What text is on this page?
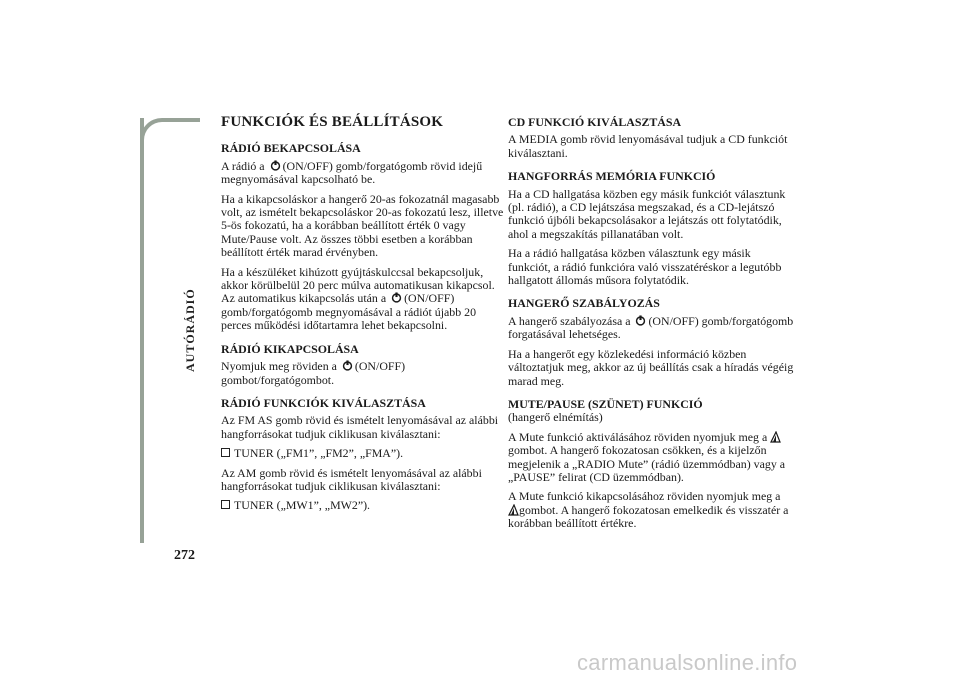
AUTÓRÁDIÓ
272
FUNKCIÓK ÉS BEÁLLÍTÁSOK
RÁDIÓ BEKAPCSOLÁSA

A rádió a (ON/OFF) gomb/forgatógomb rövid idejű megnyomásával kapcsolható be.

Ha a kikapcsoláskor a hangerő 20-as fokozatnál magasabb volt, az ismételt bekapcsoláskor 20-as fokozatú lesz, illetve 5-ös fokozatú, ha a korábban beállított érték 0 vagy Mute/Pause volt. Az összes többi esetben a korábban beállított érték marad érvényben.

Ha a készüléket kihúzott gyújtáskulccsal bekapcsoljuk, akkor körülbelül 20 perc múlva automatikusan kikapcsol. Az automatikus kikapcsolás után a (ON/OFF) gomb/forgatógomb megnyomásával a rádiót újabb 20 perces működési időtartamra lehet bekapcsolni.

RÁDIÓ KIKAPCSOLÁSA

Nyomjuk meg röviden a (ON/OFF) gombot/forgatógombot.

RÁDIÓ FUNKCIÓK KIVÁLASZTÁSA

Az FM AS gomb rövid és ismételt lenyomásával az alábbi hangforrásokat tudjuk ciklikusan kiválasztani:

TUNER („FM1”, „FM2”, „FMA”).

Az AM gomb rövid és ismételt lenyomásával az alábbi hangforrásokat tudjuk ciklikusan kiválasztani:

TUNER („MW1”, „MW2”).

CD FUNKCIÓ KIVÁLASZTÁSA

A MEDIA gomb rövid lenyomásával tudjuk a CD funkciót kiválasztani.

HANGFORRÁS MEMÓRIA FUNKCIÓ

Ha a CD hallgatása közben egy másik funkciót választunk (pl. rádió), a CD lejátszása megszakad, és a CD-lejátszó funkció újbóli bekapcsolásakor a lejátszás ott folytatódik, ahol a megszakítás pillanatában volt.

Ha a rádió hallgatása közben választunk egy másik funkciót, a rádió funkcióra való visszatéréskor a legutóbb hallgatott állomás műsora folytatódik.

HANGERŐ SZABÁLYOZÁS

A hangerő szabályozása a (ON/OFF) gomb/forgatógomb forgatásával lehetséges.

Ha a hangerőt egy közlekedési információ közben változtatjuk meg, akkor az új beállítás csak a híradás végéig marad meg.

MUTE/PAUSE (SZÜNET) FUNKCIÓ

(hangerő elnémítás)

A Mute funkció aktiválásához röviden nyomjuk meg a gombot. A hangerő fokozatosan csökken, és a kijelzőn megjelenik a „RADIO Mute” (rádió üzemmódban) vagy a „PAUSE” felirat (CD üzemmódban).

A Mute funkció kikapcsolásához röviden nyomjuk meg a gombot. A hangerő fokozatosan emelkedik és visszatér a korábban beállított értékre.

carmanualsonline.info
